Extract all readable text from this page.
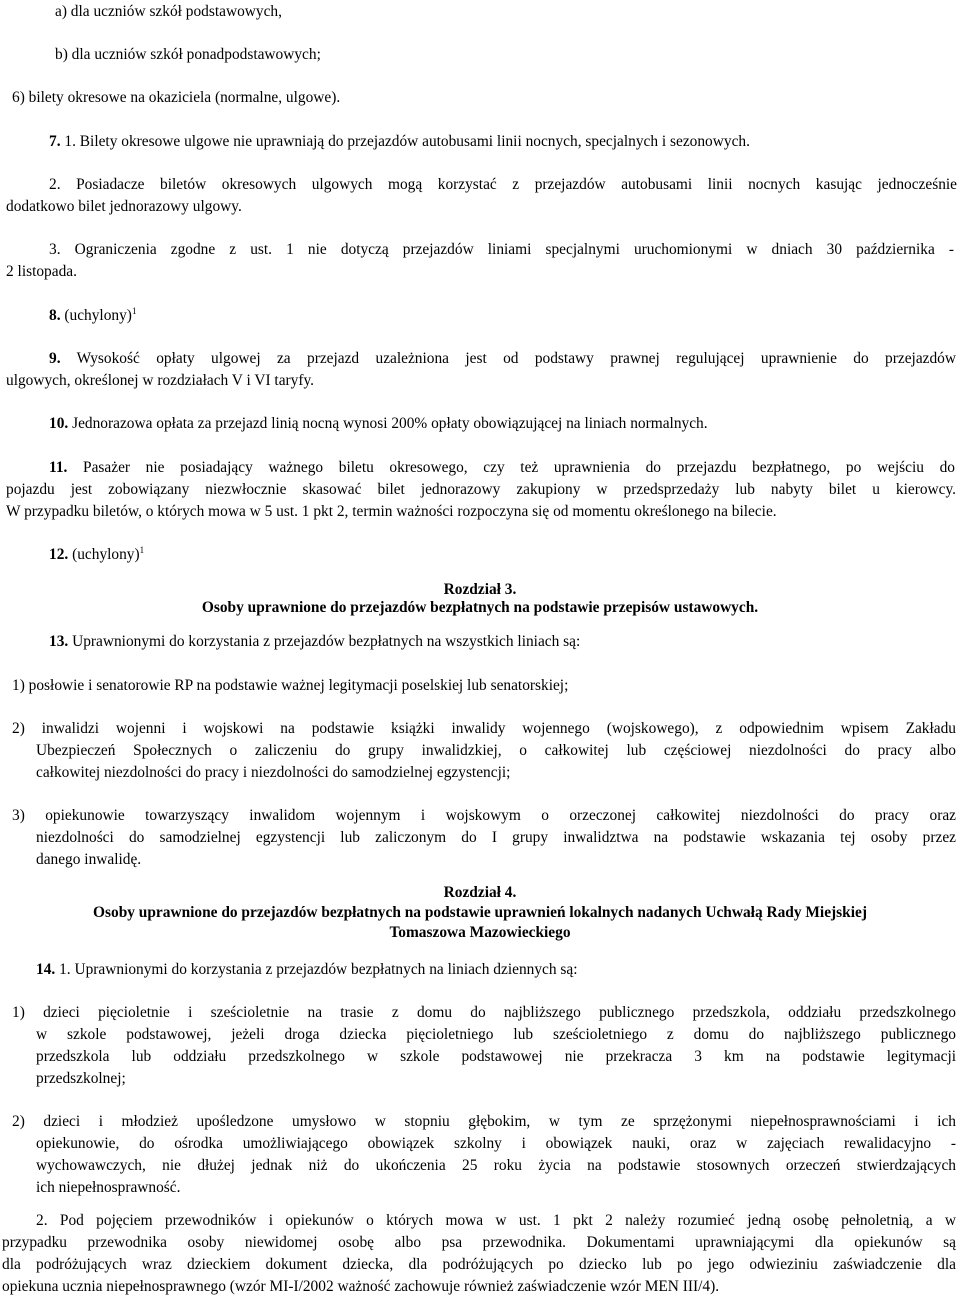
a) dla uczniów szkół podstawowych,
b) dla uczniów szkół ponadpodstawowych;
6) bilety okresowe na okaziciela (normalne, ulgowe).
7. 1. Bilety okresowe ulgowe nie uprawniają do przejazdów autobusami linii nocnych, specjalnych i sezonowych.
2. Posiadacze biletów okresowych ulgowych mogą korzystać z przejazdów autobusami linii nocnych kasując jednocześnie
dodatkowo bilet jednorazowy ulgowy.
3. Ograniczenia zgodne z ust. 1 nie dotyczą przejazdów liniami specjalnymi uruchomionymi w dniach 30 października -
2 listopada.
8. (uchylony)$^1$
9. Wysokość opłaty ulgowej za przejazd uzależniona jest od podstawy prawnej regulującej uprawnienie do przejazdów
ulgowych, określonej w rozdziałach V i VI taryfy.
10. Jednorazowa opłata za przejazd linią nocną wynosi 200% opłaty obowiązującej na liniach normalnych.
11. Pasażer nie posiadający ważnego biletu okresowego, czy też uprawnienia do przejazdu bezpłatnego, po wejściu do
pojazdu jest zobowiązany niezwłocznie skasować bilet jednorazowy zakupiony w przedsprzedaży lub nabyty bilet u kierowcy.
W przypadku biletów, o których mowa w 5 ust. 1 pkt 2, termin ważności rozpoczyna się od momentu określonego na bilecie.
12. (uchylony)$^1$
Rozdział 3.
Osoby uprawnione do przejazdów bezpłatnych na podstawie przepisów ustawowych.
13. Uprawnionymi do korzystania z przejazdów bezpłatnych na wszystkich liniach są:
1) posłowie i senatorowie RP na podstawie ważnej legitymacji poselskiej lub senatorskiej;
2) inwalidzi wojenni i wojskowi na podstawie książki inwalidy wojennego (wojskowego), z odpowiednim wpisem Zakładu
Ubezpieczeń Społecznych o zaliczeniu do grupy inwalidzkiej, o całkowitej lub częściowej niezdolności do pracy albo
całkowitej niezdolności do pracy i niezdolności do samodzielnej egzystencji;
3) opiekunowie towarzyszący inwalidom wojennym i wojskowym o orzeczonej całkowitej niezdolności do pracy oraz
niezdolności do samodzielnej egzystencji lub zaliczonym do I grupy inwalidztwa na podstawie wskazania tej osoby przez
danego inwalidę.
Rozdział 4.
Osoby uprawnione do przejazdów bezpłatnych na podstawie uprawnień lokalnych nadanych Uchwałą Rady Miejskiej
Tomaszowa Mazowieckiego
14. 1. Uprawnionymi do korzystania z przejazdów bezpłatnych na liniach dziennych są:
1) dzieci pięcioletnie i sześcioletnie na trasie z domu do najbliższego publicznego przedszkola, oddziału przedszkolnego
w szkole podstawowej, jeżeli droga dziecka pięcioletniego lub sześcioletniego z domu do najbliższego publicznego
przedszkola lub oddziału przedszkolnego w szkole podstawowej nie przekracza 3 km na podstawie legitymacji
przedszkolnej;
2) dzieci i młodzież upośledzone umysłowo w stopniu głębokim, w tym ze sprzężonymi niepełnosprawnościami i ich
opiekunowie, do ośrodka umożliwiającego obowiązek szkolny i obowiązek nauki, oraz w zajęciach rewalidacyjno -
wychowawczych, nie dłużej jednak niż do ukończenia 25 roku życia na podstawie stosownych orzeczeń stwierdzających
ich niepełnosprawność.
2. Pod pojęciem przewodników i opiekunów o których mowa w ust. 1 pkt 2 należy rozumieć jedną osobę pełnoletnią, a w
przypadku przewodnika osoby niewidomej osobę albo psa przewodnika. Dokumentami uprawniającymi dla opiekunów są
dla podróżujących wraz dzieckiem dokument dziecka, dla podróżujących po dziecko lub po jego odwieziniu zaświadczenie dla
opiekuna ucznia niepełnosprawnego (wzór MI-I/2002 ważność zachowuje również zaświadczenie wzór MEN III/4).
